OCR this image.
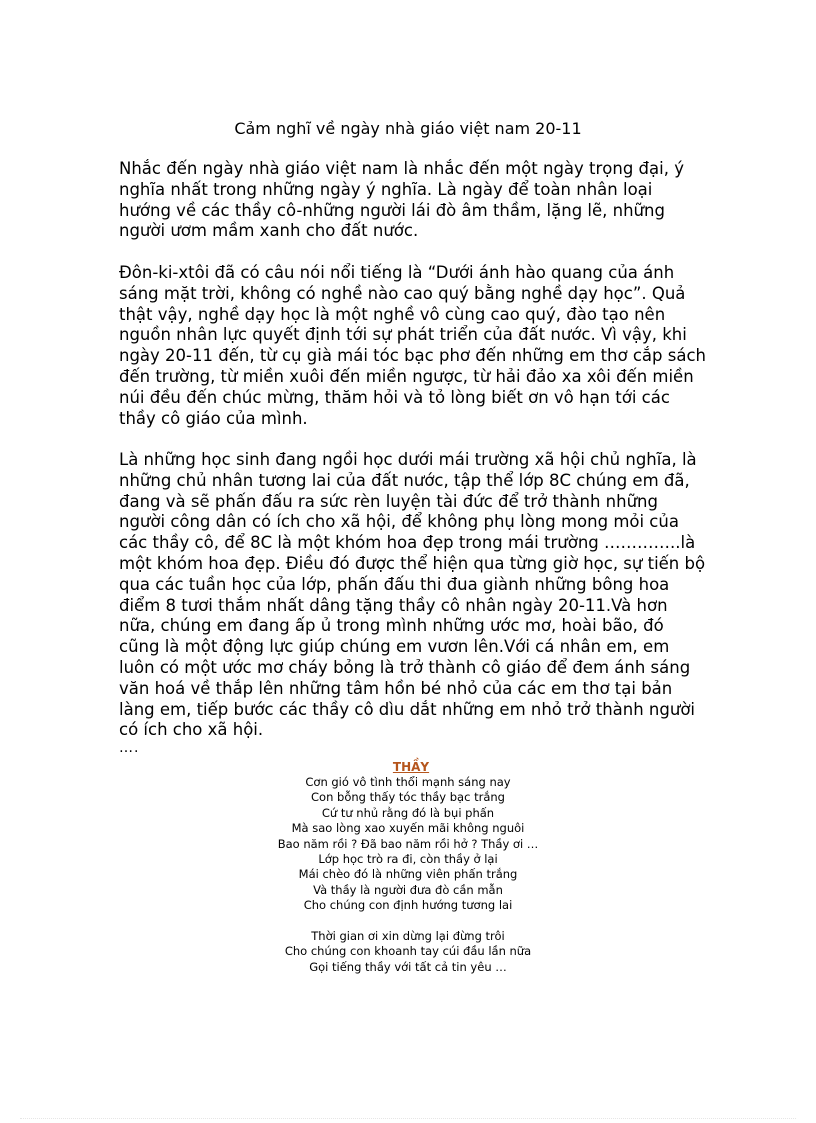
Cảm nghĩ về ngày nhà giáo việt nam 20-11
Nhắc đến ngày nhà giáo việt nam là nhắc đến một ngày trọng đại, ý
nghĩa nhất trong những ngày ý nghĩa. Là ngày để toàn nhân loại
hướng về các thầy cô-những người lái đò âm thầm, lặng lẽ, những
người ươm mầm xanh cho đất nước.
Đôn-ki-xtôi đã có câu nói nổi tiếng là “Dưới ánh hào quang của ánh
sáng mặt trời, không có nghề nào cao quý bằng nghề dạy học”. Quả
thật vậy, nghề dạy học là một nghề vô cùng cao quý, đào tạo nên
nguồn nhân lực quyết định tới sự phát triển của đất nước. Vì vậy, khi
ngày 20-11 đến, từ cụ già mái tóc bạc phơ đến những em thơ cắp sách
đến trường, từ miền xuôi đến miền ngược, từ hải đảo xa xôi đến miền
núi đều đến chúc mừng, thăm hỏi và tỏ lòng biết ơn vô hạn tới các
thầy cô giáo của mình.
Là những học sinh đang ngồi học dưới mái trường xã hội chủ nghĩa, là
những chủ nhân tương lai của đất nước, tập thể lớp 8C chúng em đã,
đang và sẽ phấn đấu ra sức rèn luyện tài đức để trở thành những
người công dân có ích cho xã hội, để không phụ lòng mong mỏi của
các thầy cô, để 8C là một khóm hoa đẹp trong mái trường …………..là
một khóm hoa đẹp. Điều đó được thể hiện qua từng giờ học, sự tiến bộ
qua các tuần học của lớp, phấn đấu thi đua giành những bông hoa
điểm 8 tươi thắm nhất dâng tặng thầy cô nhân ngày 20-11.Và hơn
nữa, chúng em đang ấp ủ trong mình những ước mơ, hoài bão, đó
cũng là một động lực giúp chúng em vươn lên.Với cá nhân em, em
luôn có một ước mơ cháy bỏng là trở thành cô giáo để đem ánh sáng
văn hoá về thắp lên những tâm hồn bé nhỏ của các em thơ tại bản
làng em, tiếp bước các thầy cô dìu dắt những em nhỏ trở thành người
có ích cho xã hội.
….
THẦY
Cơn gió vô tình thổi mạnh sáng nay
Con bỗng thấy tóc thầy bạc trắng
Cứ tư nhủ rằng đó là bụi phấn
Mà sao lòng xao xuyến mãi không nguôi
Bao năm rồi ? Đã bao năm rồi hở ? Thầy ơi …
Lớp học trò ra đi, còn thầy ở lại
Mái chèo đó là những viên phấn trắng
Và thầy là người đưa đò cần mẫn
Cho chúng con định hướng tương lai
Thời gian ơi xin dừng lại đừng trôi
Cho chúng con khoanh tay cúi đầu lần nữa
Gọi tiếng thầy với tất cả tin yêu …
